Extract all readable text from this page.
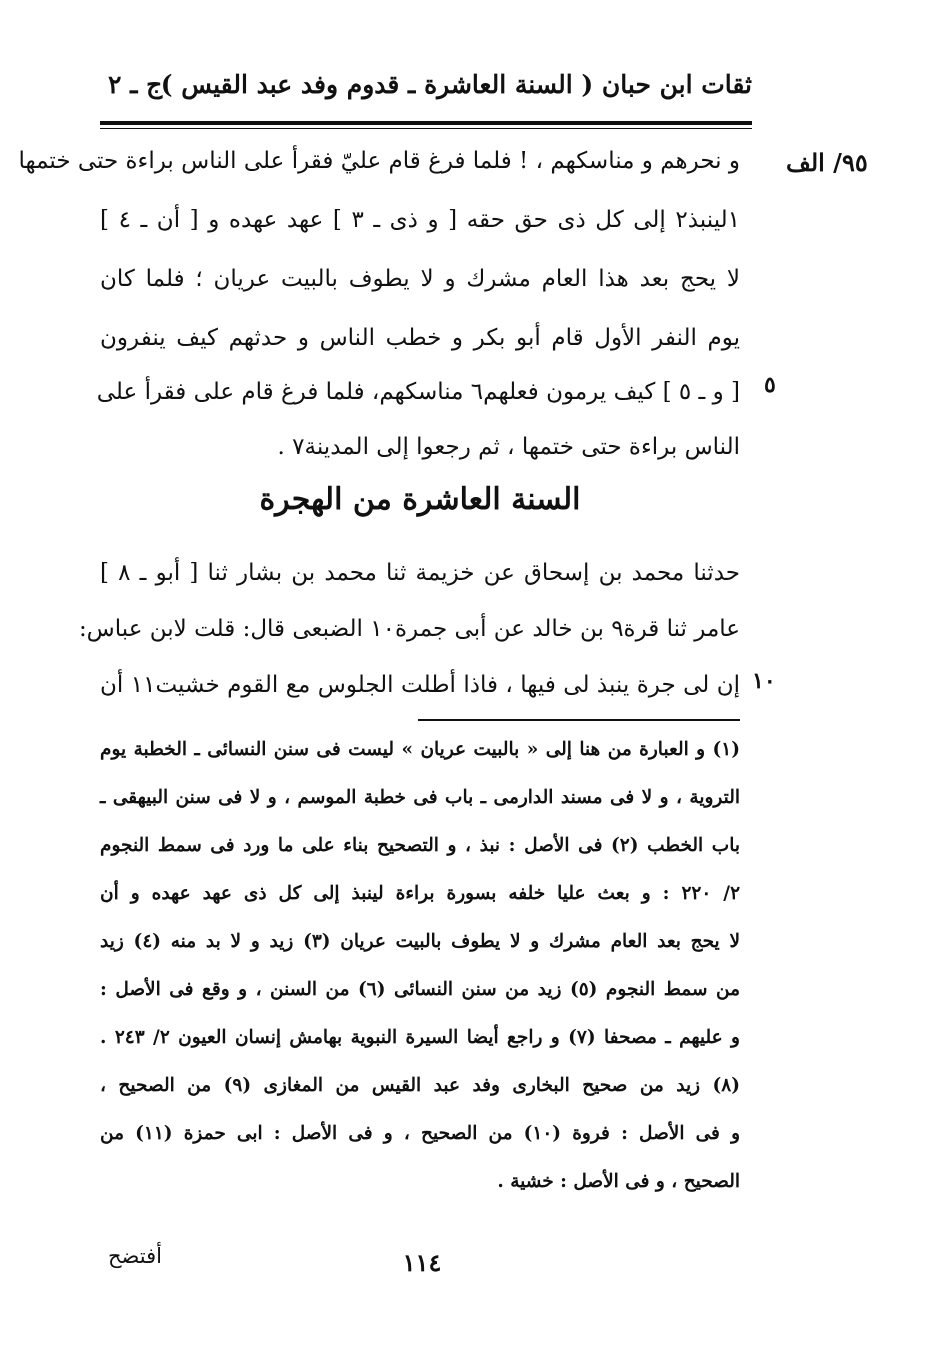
ثقات ابن حبان ( السنة العاشرة ـ قدوم وفد عبد القيس )
ج ـ ٢
٩٥/ الف
٥
١٠
و نحرهم و مناسكهم ، ! فلما فرغ قام عليّ فقرأ على الناس براءة حتى ختمها
١لينبذ٢ إلى كل ذى حق حقه [ و ذى ـ ٣ ] عهد عهده و [ أن ـ ٤ ]
لا يحج بعد هذا العام مشرك و لا يطوف بالبيت عريان ؛ فلما كان
يوم النفر الأول قام أبو بكر و خطب الناس و حدثهم كيف ينفرون
[ و ـ ٥ ] كيف يرمون فعلهم٦ مناسكهم، فلما فرغ قام على فقرأ على
الناس براءة حتى ختمها ، ثم رجعوا إلى المدينة٧ .
السنة العاشرة من الهجرة
حدثنا محمد بن إسحاق عن خزيمة ثنا محمد بن بشار ثنا [ أبو ـ ٨ ]
عامر ثنا قرة٩ بن خالد عن أبى جمرة١٠ الضبعى قال: قلت لابن عباس:
إن لى جرة ينبذ لى فيها ، فاذا أطلت الجلوس مع القوم خشيت١١ أن
(١) و العبارة من هنا إلى « بالبيت عريان » ليست فى سنن النسائى ـ الخطبة يوم
التروية ، و لا فى مسند الدارمى ـ باب فى خطبة الموسم ، و لا فى سنن البيهقى ـ
باب الخطب (٢) فى الأصل : نبذ ، و التصحيح بناء على ما ورد فى سمط النجوم
٢/ ٢٢٠ : و بعث عليا خلفه بسورة براءة لينبذ إلى كل ذى عهد عهده و أن
لا يحج بعد العام مشرك و لا يطوف بالبيت عريان (٣) زيد و لا بد منه (٤) زيد
من سمط النجوم (٥) زيد من سنن النسائى (٦) من السنن ، و وقع فى الأصل :
و عليهم ـ مصحفا (٧) و راجع أيضا السيرة النبوية بهامش إنسان العيون ٢/ ٢٤٣ .
(٨) زيد من صحيح البخارى وفد عبد القيس من المغازى (٩) من الصحيح ،
و فى الأصل : فروة (١٠) من الصحيح ، و فى الأصل : ابى حمزة (١١) من
الصحيح ، و فى الأصل : خشية .
١١٤
أفتضح
